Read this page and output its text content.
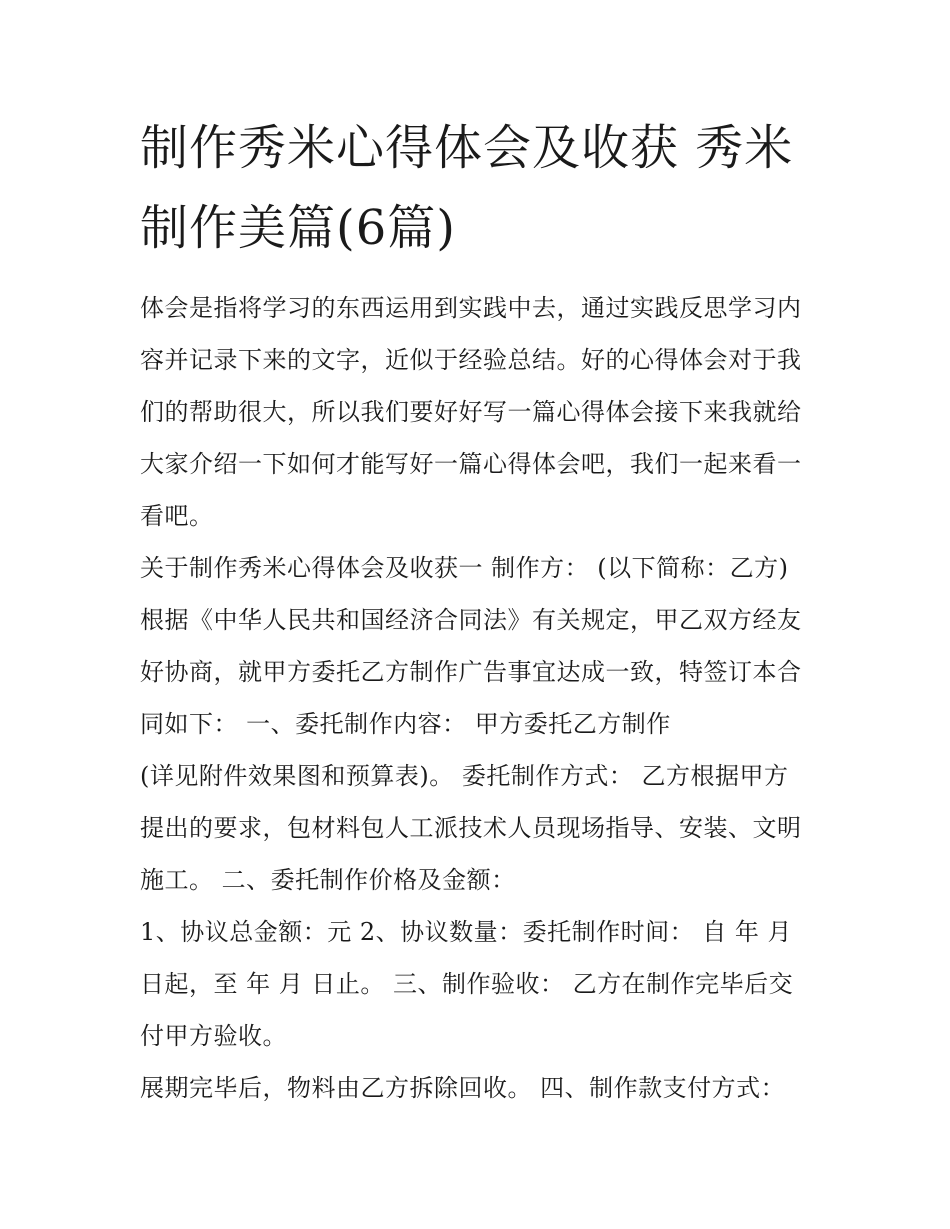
制作秀米心得体会及收获 秀米
制作美篇(6篇)

体会是指将学习的东西运用到实践中去，通过实践反思学习内
容并记录下来的文字，近似于经验总结。好的心得体会对于我
们的帮助很大，所以我们要好好写一篇心得体会接下来我就给
大家介绍一下如何才能写好一篇心得体会吧，我们一起来看一
看吧。

关于制作秀米心得体会及收获一 制作方： (以下简称：乙方)
根据《中华人民共和国经济合同法》有关规定，甲乙双方经友
好协商，就甲方委托乙方制作广告事宜达成一致，特签订本合
同如下： 一、委托制作内容： 甲方委托乙方制作
(详见附件效果图和预算表)。 委托制作方式： 乙方根据甲方
提出的要求，包材料包人工派技术人员现场指导、安装、文明
施工。 二、委托制作价格及金额：

1、协议总金额：元 2、协议数量：委托制作时间： 自 年 月
日起，至 年 月 日止。 三、制作验收： 乙方在制作完毕后交
付甲方验收。

展期完毕后，物料由乙方拆除回收。 四、制作款支付方式：
